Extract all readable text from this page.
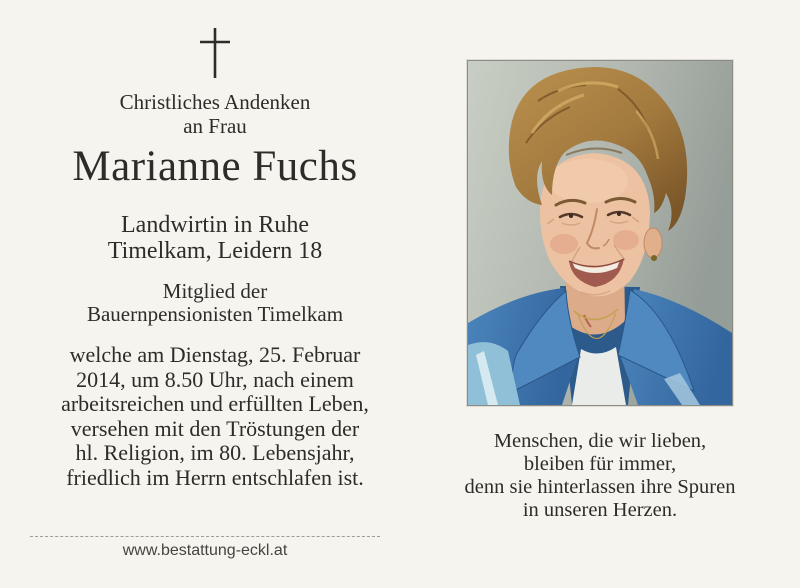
Christliches Andenken
an Frau
Marianne Fuchs
Landwirtin in Ruhe
Timelkam, Leidern 18
Mitglied der
Bauernpensionisten Timelkam
welche am Dienstag, 25. Februar
2014, um 8.50 Uhr, nach einem
arbeitsreichen und erfüllten Leben,
versehen mit den Tröstungen der
hl. Religion, im 80. Lebensjahr,
friedlich im Herrn entschlafen ist.
www.bestattung-eckl.at
Menschen, die wir lieben,
bleiben für immer,
denn sie hinterlassen ihre Spuren
in unseren Herzen.
